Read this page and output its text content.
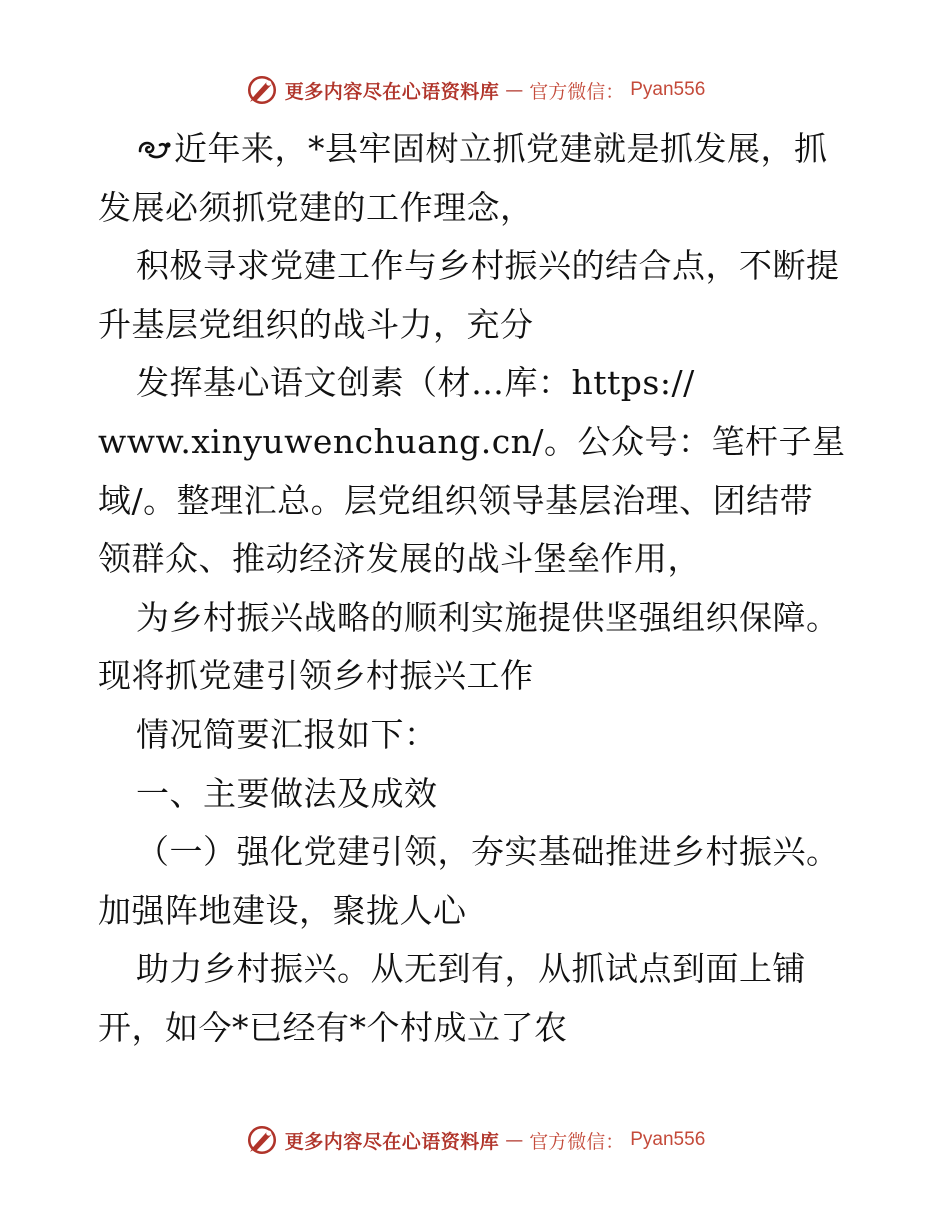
更多内容尽在心语资料库 — 官方微信： Pyan556
近年来，*县牢固树立抓党建就是抓发展，抓
发展必须抓党建的工作理念，
积极寻求党建工作与乡村振兴的结合点，不断提
升基层党组织的战斗力，充分
发挥基心语文创素（材…库：https://
www.xinyuwenchuang.cn/。公众号：笔杆子星
域/。整理汇总。层党组织领导基层治理、团结带
领群众、推动经济发展的战斗堡垒作用，
为乡村振兴战略的顺利实施提供坚强组织保障。
现将抓党建引领乡村振兴工作
情况简要汇报如下：
一、主要做法及成效
（一）强化党建引领，夯实基础推进乡村振兴。
加强阵地建设，聚拢人心
助力乡村振兴。从无到有，从抓试点到面上铺
开，如今*已经有*个村成立了农
更多内容尽在心语资料库 — 官方微信： Pyan556
